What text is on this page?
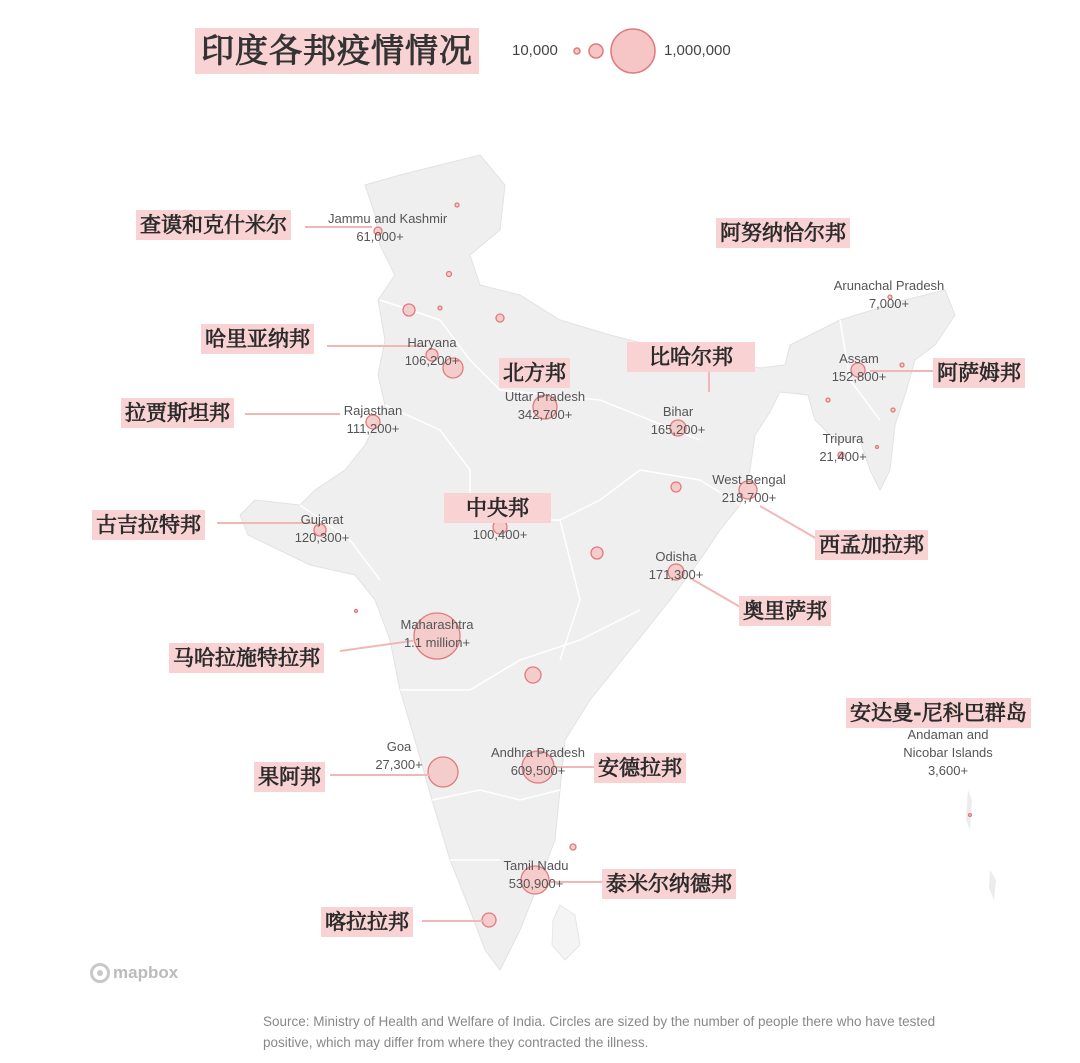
印度各邦疫情情况	10,000	1,000,000
查谟和克什米尔
哈里亚纳邦
拉贾斯坦邦
古吉拉特邦
北方邦
中央邦
比哈尔邦
阿努纳恰尔邦
阿萨姆邦
西孟加拉邦
奥里萨邦
马哈拉施特拉邦
果阿邦	安德拉邦
泰米尔纳德邦
喀拉拉邦
安达曼-尼科巴群岛
Jammu and Kashmir
61,000+
Haryana
106,200+
Rajasthan
111,200+
Gujarat
120,300+
Uttar Pradesh
342,700+
100,400+
Bihar
165,200+
Arunachal Pradesh
7,000+
Assam
152,800+
Tripura
21,400+
West Bengal
218,700+
Odisha
171,300+
Maharashtra
1.1 million+
Goa
27,300+
Andhra Pradesh
609,500+
Tamil Nadu
530,900+
Andaman and Nicobar Islands
3,600+
mapbox
Source: Ministry of Health and Welfare of India. Circles are sized by the number of people there who have tested positive, which may differ from where they contracted the illness.
